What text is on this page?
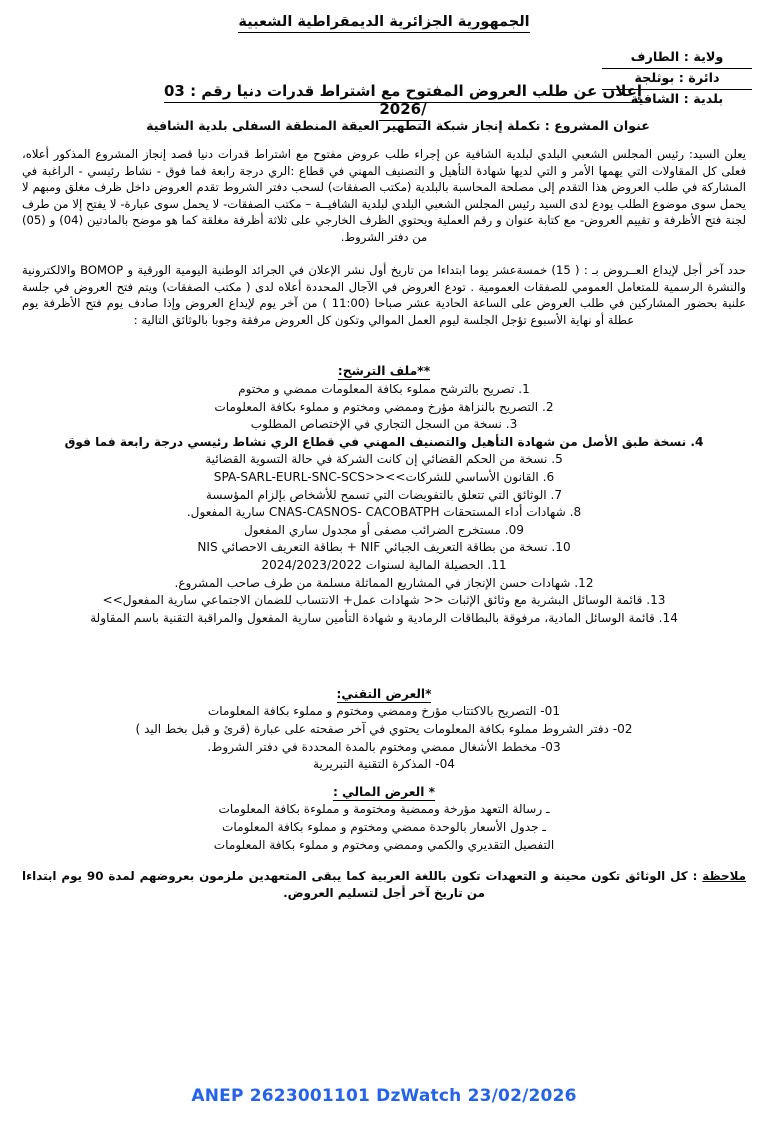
الجمهورية الجزائرية الديمقراطية الشعبية
ولاية : الطارف
دائرة : بوثلجة
بلدية : الشافية
إعلان عن طلب العروض المفتوح مع اشتراط قدرات دنيا رقم : 03 /2026
عنوان المشروع : تكملة إنجاز شبكة التطهير العيقة المنطقة السفلى بلدية الشافية
يعلن السيد: رئيس المجلس الشعبي البلدي لبلدية الشافية عن إجراء طلب عروض مفتوح مع اشتراط قدرات دنيا قصد إنجاز المشروع المذكور أعلاه، فعلى كل المقاولات التي يهمها الأمر و التي لديها شهادة التأهيل و التصنيف المهني في قطاع :الري درجة رابعة فما فوق - نشاط رئيسي - الراغبة في المشاركة في طلب العروض هذا التقدم إلى مصلحة المحاسبة بالبلدية (مكتب الصفقات) لسحب دفتر الشروط تقدم العروض داخل ظرف مغلق ومبهم لا يحمل سوى موضوع الطلب يودع لدى السيد رئيس المجلس الشعبي البلدي لبلدية الشافيــة – مكتب الصفقات- لا يحمل سوى عبارة- لا يفتح إلا من طرف لجنة فتح الأظرفة و تقييم العروض- مع كتابة عنوان و رقم العملية ويحتوي الظرف الخارجي على ثلاثة أظرفة مغلقة كما هو موضح بالمادتين (04) و (05) من دفتر الشروط.
حدد آخر أجل لإيداع العــروض بـ : ( 15) خمسةعشر يوما ابتداءا من تاريخ أول نشر الإعلان في الجرائد الوطنية اليومية الورقية و BOMOP والالكترونية والنشرة الرسمية للمتعامل العمومي للصفقات العمومية . تودع العروض في الآجال المحددة أعلاه لدى ( مكتب الصفقات) ويتم فتح العروض في جلسة علنية بحضور المشاركين في طلب العروض على الساعة الحادية عشر صباحا (11:00 ) من آخر يوم لإيداع العروض وإذا صادف يوم فتح الأظرفة يوم عطلة أو نهاية الأسبوع تؤجل الجلسة ليوم العمل الموالي وتكون كل العروض مرفقة وجوبا بالوثائق التالية :
**ملف الترشح:
1. تصريح بالترشح مملوء بكافة المعلومات ممضي و مختوم
2. التصريح بالنزاهة مؤرخ وممضي ومختوم و مملوء بكافة المعلومات
3. نسخة من السجل التجاري في الإختصاص المطلوب
4. نسخة طبق الأصل من شهادة التأهيل والتصنيف المهني في قطاع الري نشاط رئيسي درجة رابعة فما فوق
5. نسخة من الحكم القضائي إن كانت الشركة في حالة التسوية القضائية
6. القانون الأساسي للشركات>><<SPA-SARL-EURL-SNC-SCS
7. الوثائق التي تتعلق بالتفويضات التي تسمح للأشخاص بإلزام المؤسسة
8. شهادات أداء المستحقات CNAS-CASNOS- CACOBATPH سارية المفعول.
09. مستخرج الضرائب مصفى أو مجدول ساري المفعول
10. نسخة من بطاقة التعريف الجبائي NIF + بطاقة التعريف الاحصائي NIS
11. الحصيلة المالية لسنوات 2024/2023/2022
12. شهادات حسن الإنجاز في المشاريع المماثلة مسلمة من طرف صاحب المشروع.
13. قائمة الوسائل البشرية مع وثائق الإثبات << شهادات عمل+ الانتساب للضمان الاجتماعي سارية المفعول>>
14. قائمة الوسائل المادية، مرفوقة بالبطاقات الرمادية و شهادة التأمين سارية المفعول والمراقبة التقنية باسم المقاولة
*العرض التقني:
01- التصريح بالاكتتاب مؤرخ وممضي ومختوم و مملوء بكافة المعلومات
02- دفتر الشروط مملوء بكافة المعلومات يحتوي في آخر صفحته على عبارة (قرئ و قبل بخط اليد )
03- مخطط الأشغال ممضي ومختوم بالمدة المحددة في دفتر الشروط.
04- المذكرة التقنية التبريرية
* العرض المالي :
ـ رسالة التعهد مؤرخة وممضية ومختومة و مملوءة بكافة المعلومات
ـ جدول الأسعار بالوحدة ممضي ومختوم و مملوء بكافة المعلومات
التفصيل التقديري والكمي وممضي ومختوم و مملوء بكافة المعلومات
ملاحظة : كل الوثائق تكون محينة و التعهدات تكون باللغة العربية كما يبقى المتعهدين ملزمون بعروضهم لمدة 90 يوم ابتداءا من تاريخ آخر أجل لتسليم العروض.
ANEP 2623001101 DzWatch 23/02/2026
